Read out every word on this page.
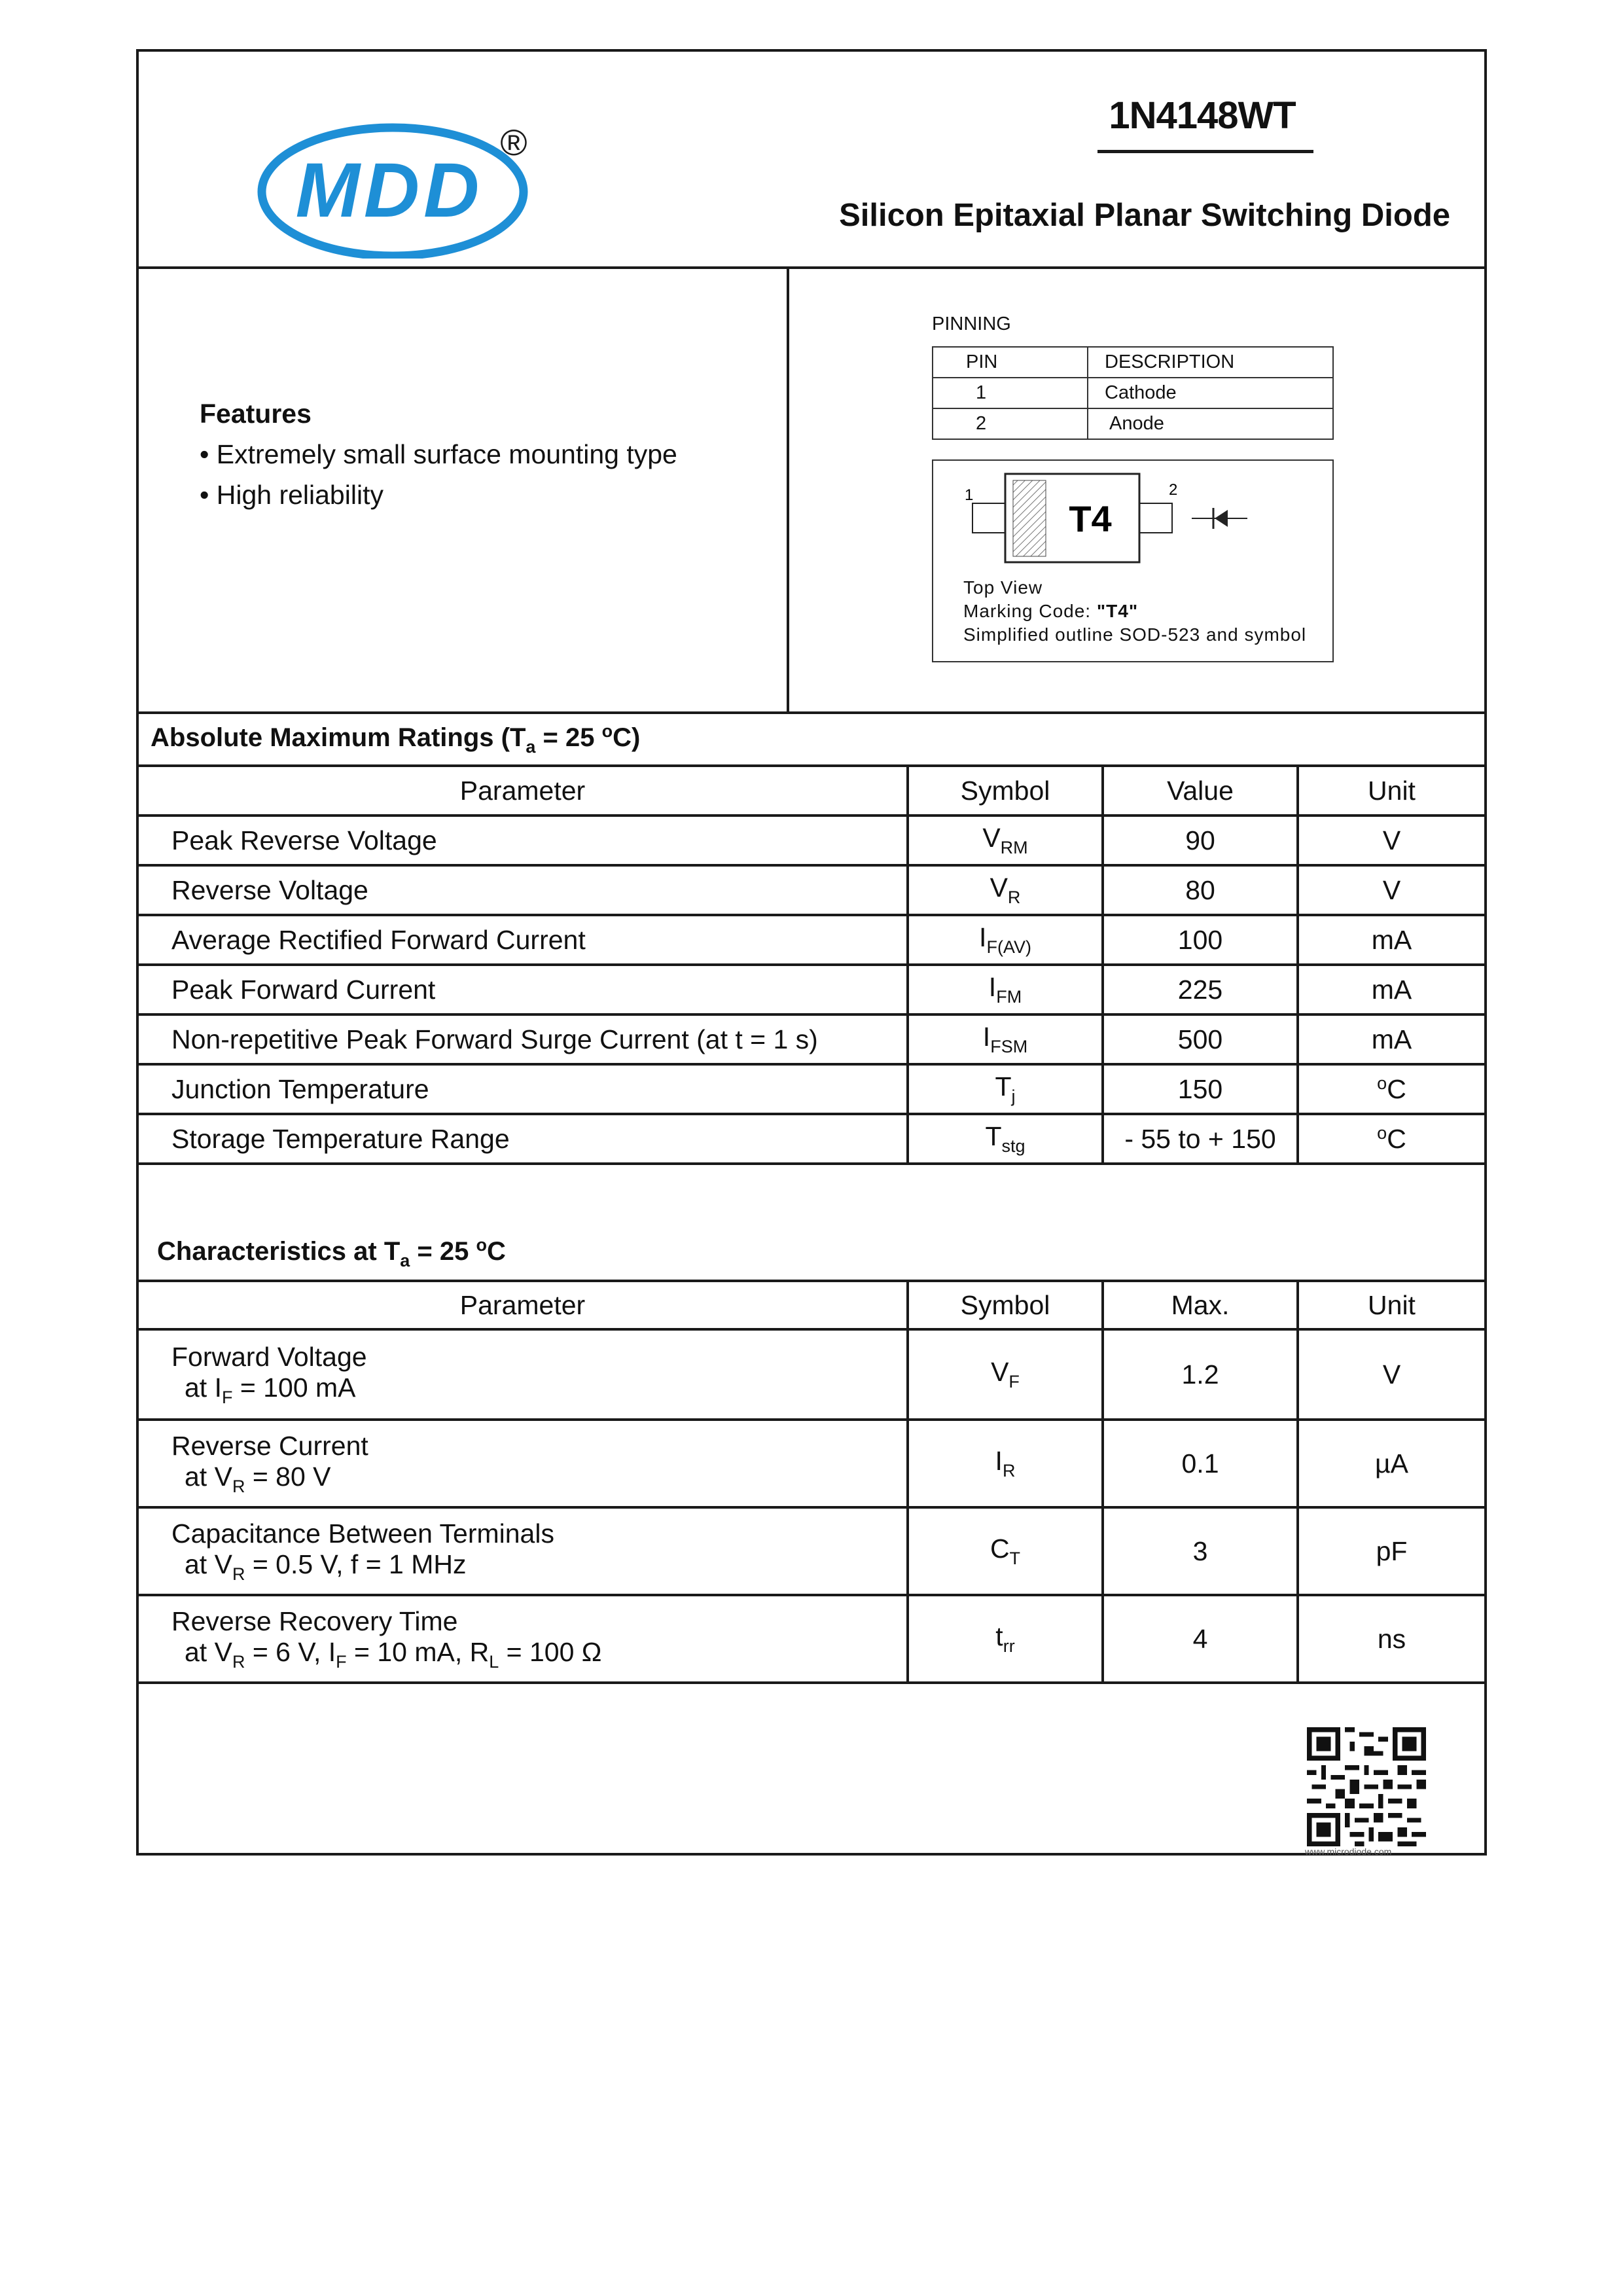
MDD
®
1N4148WT
Silicon Epitaxial Planar Switching Diode
Features
• Extremely small surface mounting type
• High reliability
PINNING
PIN	DESCRIPTION
1	Cathode
2	Anode
T4
1	2
Top View
Marking Code: "T4"
Simplified outline SOD-523 and symbol
Absolute Maximum Ratings ($T_a = 25$ $^o$C)
Parameter	Symbol	Value	Unit
Peak Reverse Voltage	$V_{RM}$	90	V
Reverse Voltage	$V_R$	80	V
Average Rectified Forward Current	$I_{F(AV)}$	100	mA
Peak Forward Current	$I_{FM}$	225	mA
Non-repetitive Peak Forward Surge Current (at t = 1 s)	$I_{FSM}$	500	mA
Junction Temperature	$T_j$	150	$^o$C
Storage Temperature Range	$T_{stg}$	- 55 to + 150	$^o$C
Characteristics at $T_a = 25$ $^o$C
Parameter	Symbol	Max.	Unit
Forward Voltage
at $I_F = 100$ mA	$V_F$	1.2	V
Reverse Current
at $V_R = 80$ V	$I_R$	0.1	µA
Capacitance Between Terminals
at $V_R = 0.5$ V, f = 1 MHz	$C_T$	3	pF
Reverse Recovery Time
at $V_R = 6$ V, $I_F = 10$ mA, $R_L = 100$ Ω	$t_{rr}$	4	ns
www.microdiode.com
